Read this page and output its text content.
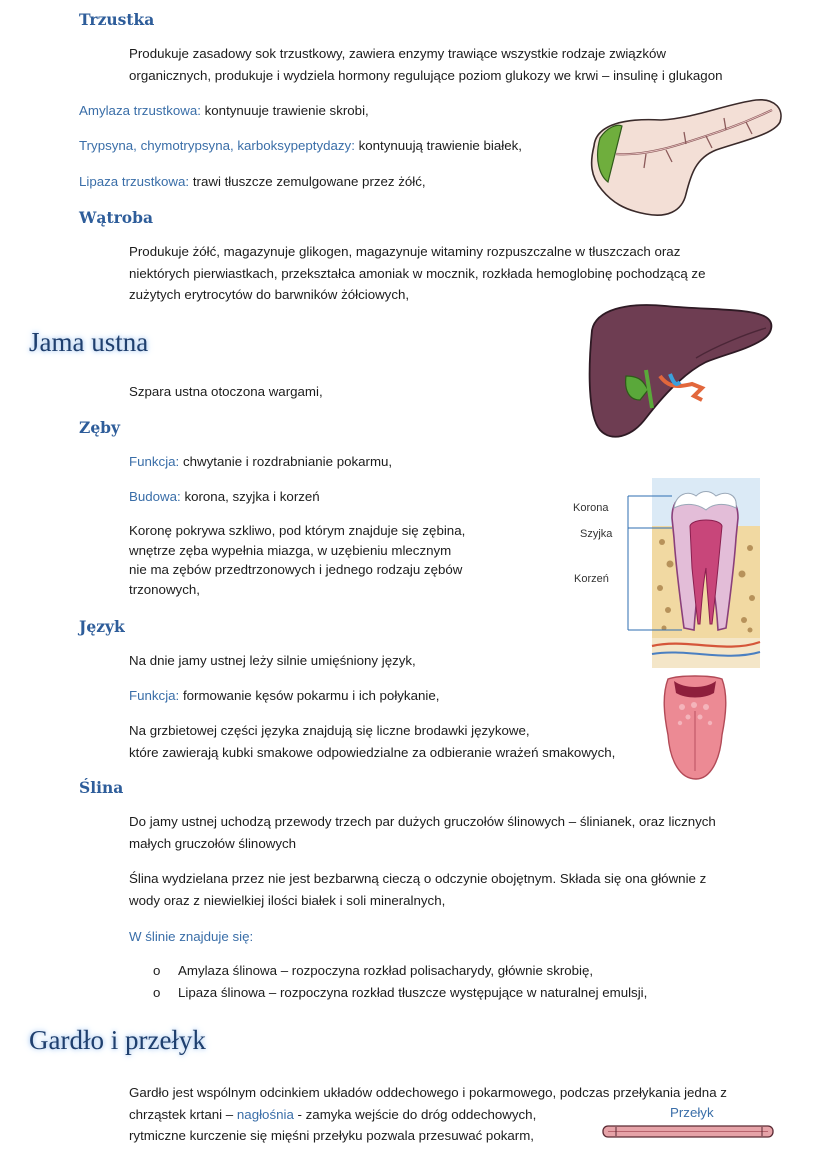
Trzustka
Produkuje zasadowy sok trzustkowy, zawiera enzymy trawiące wszystkie rodzaje związków
organicznych, produkuje i wydziela hormony regulujące poziom glukozy we krwi – insulinę i glukagon
Amylaza trzustkowa: kontynuuje trawienie skrobi,
Trypsyna, chymotrypsyna, karboksypeptydazy: kontynuują trawienie białek,
Lipaza trzustkowa: trawi tłuszcze zemulgowane przez żółć,
Wątroba
Produkuje żółć, magazynuje glikogen, magazynuje witaminy rozpuszczalne w tłuszczach oraz
niektórych pierwiastkach, przekształca amoniak w mocznik, rozkłada hemoglobinę pochodzącą ze
zużytych erytrocytów do barwników żółciowych,
Jama ustna
Szpara ustna otoczona wargami,
Zęby
Funkcja: chwytanie i rozdrabnianie pokarmu,
Budowa: korona, szyjka i korzeń
Koronę pokrywa szkliwo, pod którym znajduje się zębina,
wnętrze zęba wypełnia miazga, w uzębieniu mlecznym
nie ma zębów przedtrzonowych i jednego rodzaju zębów
trzonowych,
Korona
Szyjka
Korzeń
Język
Na dnie jamy ustnej leży silnie umięśniony język,
Funkcja: formowanie kęsów pokarmu i ich połykanie,
Na grzbietowej części języka znajdują się liczne brodawki językowe,
które zawierają kubki smakowe odpowiedzialne za odbieranie wrażeń smakowych,
Ślina
Do jamy ustnej uchodzą przewody trzech par dużych gruczołów ślinowych – ślinianek, oraz licznych
małych gruczołów ślinowych
Ślina wydzielana przez nie jest bezbarwną cieczą o odczynie obojętnym. Składa się ona głównie z
wody oraz z niewielkiej ilości białek i soli mineralnych,
W ślinie znajduje się:
o Amylaza ślinowa – rozpoczyna rozkład polisacharydy, głównie skrobię,
o Lipaza ślinowa – rozpoczyna rozkład tłuszcze występujące w naturalnej emulsji,
Gardło i przełyk
Gardło jest wspólnym odcinkiem układów oddechowego i pokarmowego, podczas przełykania jedna z
chrząstek krtani – nagłośnia - zamyka wejście do dróg oddechowych,
rytmiczne kurczenie się mięśni przełyku pozwala przesuwać pokarm,
Przełyk
